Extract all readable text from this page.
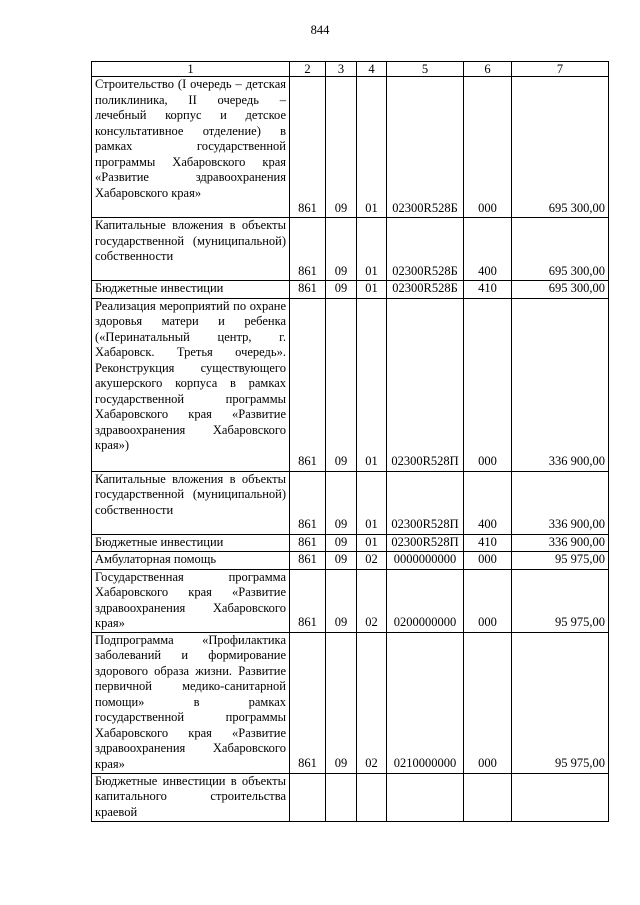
844
1	2	3	4	5	6	7
Строительство (I очередь – детская поликлиника, II очередь – лечебный корпус и детское консультативное отделение) в рамках государственной программы Хабаровского края «Развитие здравоохранения Хабаровского края»	861	09	01	02300R528Б	000	695 300,00
Капитальные вложения в объекты государственной (муниципальной) собственности	861	09	01	02300R528Б	400	695 300,00
Бюджетные инвестиции	861	09	01	02300R528Б	410	695 300,00
Реализация мероприятий по охране здоровья матери и ребенка («Перинатальный центр, г. Хабаровск. Третья очередь». Реконструкция существующего акушерского корпуса в рамках государственной программы Хабаровского края «Развитие здравоохранения Хабаровского края»)	861	09	01	02300R528П	000	336 900,00
Капитальные вложения в объекты государственной (муниципальной) собственности	861	09	01	02300R528П	400	336 900,00
Бюджетные инвестиции	861	09	01	02300R528П	410	336 900,00
Амбулаторная помощь	861	09	02	0000000000	000	95 975,00
Государственная программа Хабаровского края «Развитие здравоохранения Хабаровского края»	861	09	02	0200000000	000	95 975,00
Подпрограмма «Профилактика заболеваний и формирование здорового образа жизни. Развитие первичной медико-санитарной помощи» в рамках государственной программы Хабаровского края «Развитие здравоохранения Хабаровского края»	861	09	02	0210000000	000	95 975,00
Бюджетные инвестиции в объекты капитального строительства краевой						
